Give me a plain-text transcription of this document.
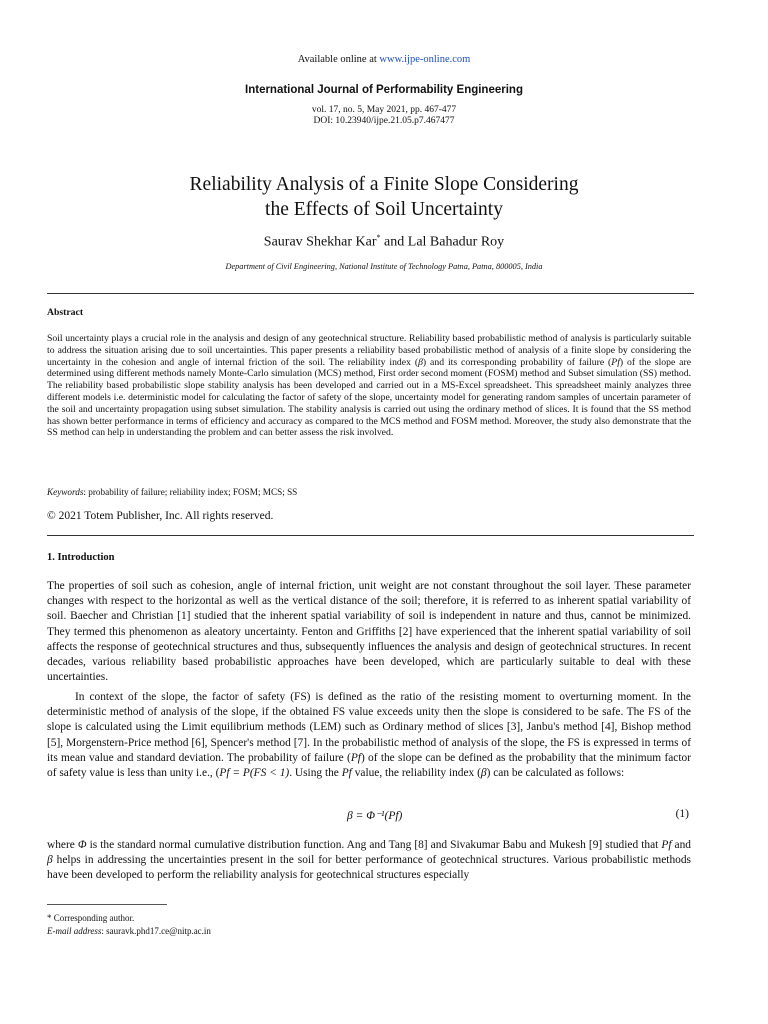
Available online at www.ijpe-online.com
International Journal of Performability Engineering
vol. 17, no. 5, May 2021, pp. 467-477
DOI: 10.23940/ijpe.21.05.p7.467477
Reliability Analysis of a Finite Slope Considering
the Effects of Soil Uncertainty
Saurav Shekhar Kar* and Lal Bahadur Roy
Department of Civil Engineering, National Institute of Technology Patna, Patna, 800005, India
Abstract
Soil uncertainty plays a crucial role in the analysis and design of any geotechnical structure. Reliability based probabilistic method of analysis is particularly suitable to address the situation arising due to soil uncertainties. This paper presents a reliability based probabilistic method of analysis of a finite slope by considering the uncertainty in the cohesion and angle of internal friction of the soil. The reliability index (β) and its corresponding probability of failure (Pf) of the slope are determined using different methods namely Monte-Carlo simulation (MCS) method, First order second moment (FOSM) method and Subset simulation (SS) method. The reliability based probabilistic slope stability analysis has been developed and carried out in a MS-Excel spreadsheet. This spreadsheet mainly analyzes three different models i.e. deterministic model for calculating the factor of safety of the slope, uncertainty model for generating random samples of uncertain parameter of the soil and uncertainty propagation using subset simulation. The stability analysis is carried out using the ordinary method of slices. It is found that the SS method has shown better performance in terms of efficiency and accuracy as compared to the MCS method and FOSM method. Moreover, the study also demonstrate that the SS method can help in understanding the problem and can better assess the risk involved.
Keywords: probability of failure; reliability index; FOSM; MCS; SS
© 2021 Totem Publisher, Inc. All rights reserved.
1. Introduction
The properties of soil such as cohesion, angle of internal friction, unit weight are not constant throughout the soil layer. These parameter changes with respect to the horizontal as well as the vertical distance of the soil; therefore, it is referred to as inherent spatial variability of soil. Baecher and Christian [1] studied that the inherent spatial variability of soil is independent in nature and thus, cannot be minimized. They termed this phenomenon as aleatory uncertainty. Fenton and Griffiths [2] have experienced that the inherent spatial variability of soil affects the response of geotechnical structures and thus, subsequently influences the analysis and design of geotechnical structures. In recent decades, various reliability based probabilistic approaches have been developed, which are particularly suitable to deal with these uncertainties.
In context of the slope, the factor of safety (FS) is defined as the ratio of the resisting moment to overturning moment. In the deterministic method of analysis of the slope, if the obtained FS value exceeds unity then the slope is considered to be safe. The FS of the slope is calculated using the Limit equilibrium methods (LEM) such as Ordinary method of slices [3], Janbu's method [4], Bishop method [5], Morgenstern-Price method [6], Spencer's method [7]. In the probabilistic method of analysis of the slope, the FS is expressed in terms of its mean value and standard deviation. The probability of failure (Pf) of the slope can be defined as the probability that the minimum factor of safety value is less than unity i.e., (Pf = P(FS < 1). Using the Pf value, the reliability index (β) can be calculated as follows:
β = Φ⁻¹(Pf)	(1)
where Φ is the standard normal cumulative distribution function. Ang and Tang [8] and Sivakumar Babu and Mukesh [9] studied that Pf and β helps in addressing the uncertainties present in the soil for better performance of geotechnical structures. Various probabilistic methods have been developed to perform the reliability analysis for geotechnical structures especially
* Corresponding author.
E-mail address: sauravk.phd17.ce@nitp.ac.in
